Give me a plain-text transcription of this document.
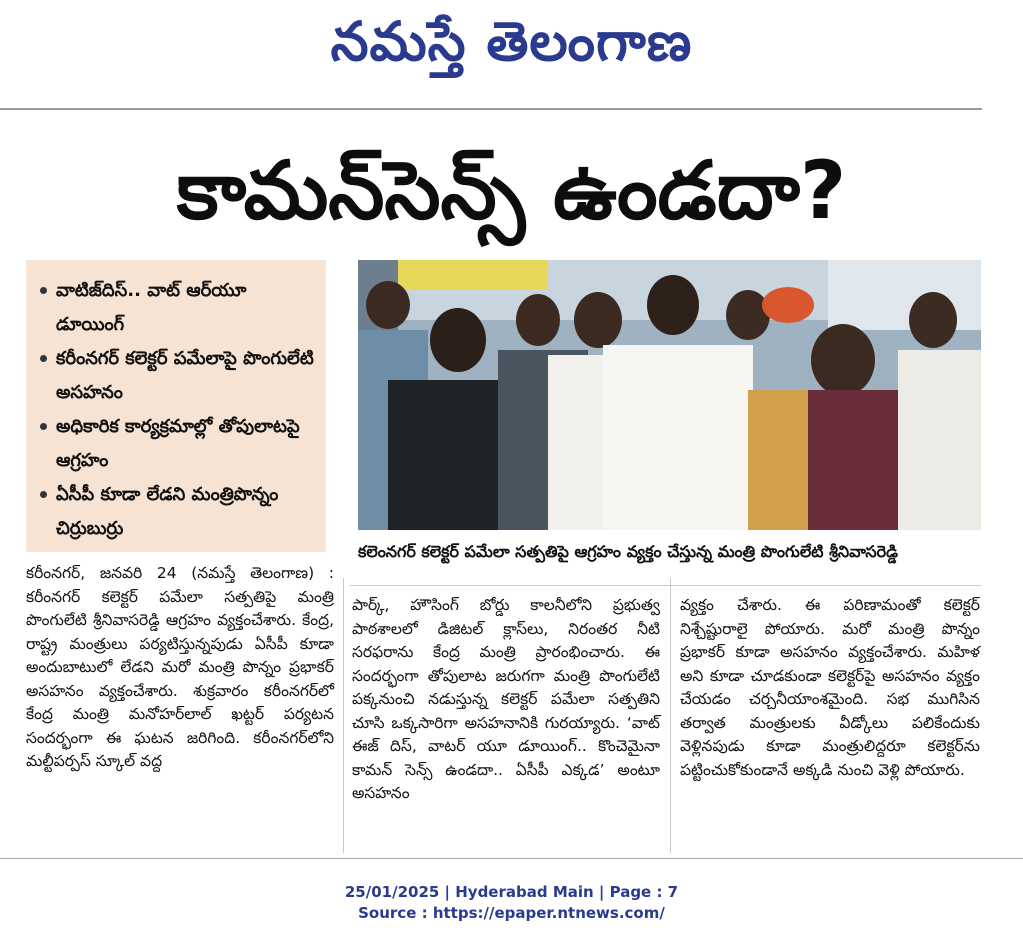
నమస్తే తెలంగాణ
కామన్‌సెన్స్‌ ఉండదా?
వాటిజ్‌దిస్‌.. వాట్‌ ఆర్‌యూ డూయింగ్‌
కరీంనగర్‌ కలెక్టర్‌ పమేలాపై పొంగులేటి అసహనం
అధికారిక కార్యక్రమాల్లో తోపులాటపై ఆగ్రహం
ఏసీపీ కూడా లేడని మంత్రిపొన్నం చిర్రుబుర్రు
కలెంనగర్‌ కలెక్టర్‌ పమేలా సత్పతిపై ఆగ్రహం వ్యక్తం చేస్తున్న మంత్రి పొంగులేటి శ్రీనివాసరెడ్డి

కరీంనగర్‌, జనవరి 24 (నమస్తే తెలంగాణ) : కరీంనగర్‌ కలెక్టర్‌ పమేలా సత్పతిపై మంత్రి పొంగులేటి శ్రీనివాసరెడ్డి ఆగ్రహం వ్యక్తంచేశారు. కేంద్ర, రాష్ట్ర మంత్రులు పర్యటిస్తున్నపుడు ఏసీపీ కూడా అందుబాటులో లేడని మరో మంత్రి పొన్నం ప్రభాకర్‌ అసహనం వ్యక్తంచేశారు. శుక్రవారం కరీంనగర్‌లో కేంద్ర మంత్రి మనోహర్‌లాల్‌ ఖట్టర్‌ పర్యటన సందర్భంగా ఈ ఘటన జరిగింది. కరీంనగర్‌లోని మల్టీపర్పస్‌ స్కూల్‌ వద్ద

పార్క్‌, హౌసింగ్‌ బోర్డు కాలనీలోని ప్రభుత్వ పాఠశాలలో డిజిటల్‌ క్లాస్‌లు, నిరంతర నీటి సరఫరాను కేంద్ర మంత్రి ప్రారంభించారు. ఈ సందర్భంగా తోపులాట జరుగగా మంత్రి పొంగులేటి పక్కనుంచి నడుస్తున్న కలెక్టర్‌ పమేలా సత్పతిని చూసి ఒక్కసారిగా అసహనానికి గురయ్యారు. ‘వాట్‌ ఈజ్‌ దిస్‌, వాటర్‌ యూ డూయింగ్‌.. కొంచెమైనా కామన్‌ సెన్స్‌ ఉండదా.. ఏసీపీ ఎక్కడ’ అంటూ అసహనం

వ్యక్తం చేశారు. ఈ పరిణామంతో కలెక్టర్‌ నిశ్చేష్టురాలై పోయారు. మరో మంత్రి పొన్నం ప్రభాకర్‌ కూడా అసహనం వ్యక్తంచేశారు. మహిళ అని కూడా చూడకుండా కలెక్టర్‌పై అసహనం వ్యక్తం చేయడం చర్చనీయాంశమైంది. సభ ముగిసిన తర్వాత మంత్రులకు వీడ్కోలు పలికేందుకు వెళ్లినపుడు కూడా మంత్రులిద్దరూ కలెక్టర్‌ను పట్టించుకోకుండానే అక్కడి నుంచి వెళ్లి పోయారు.

25/01/2025 | Hyderabad Main | Page : 7
Source : https://epaper.ntnews.com/
